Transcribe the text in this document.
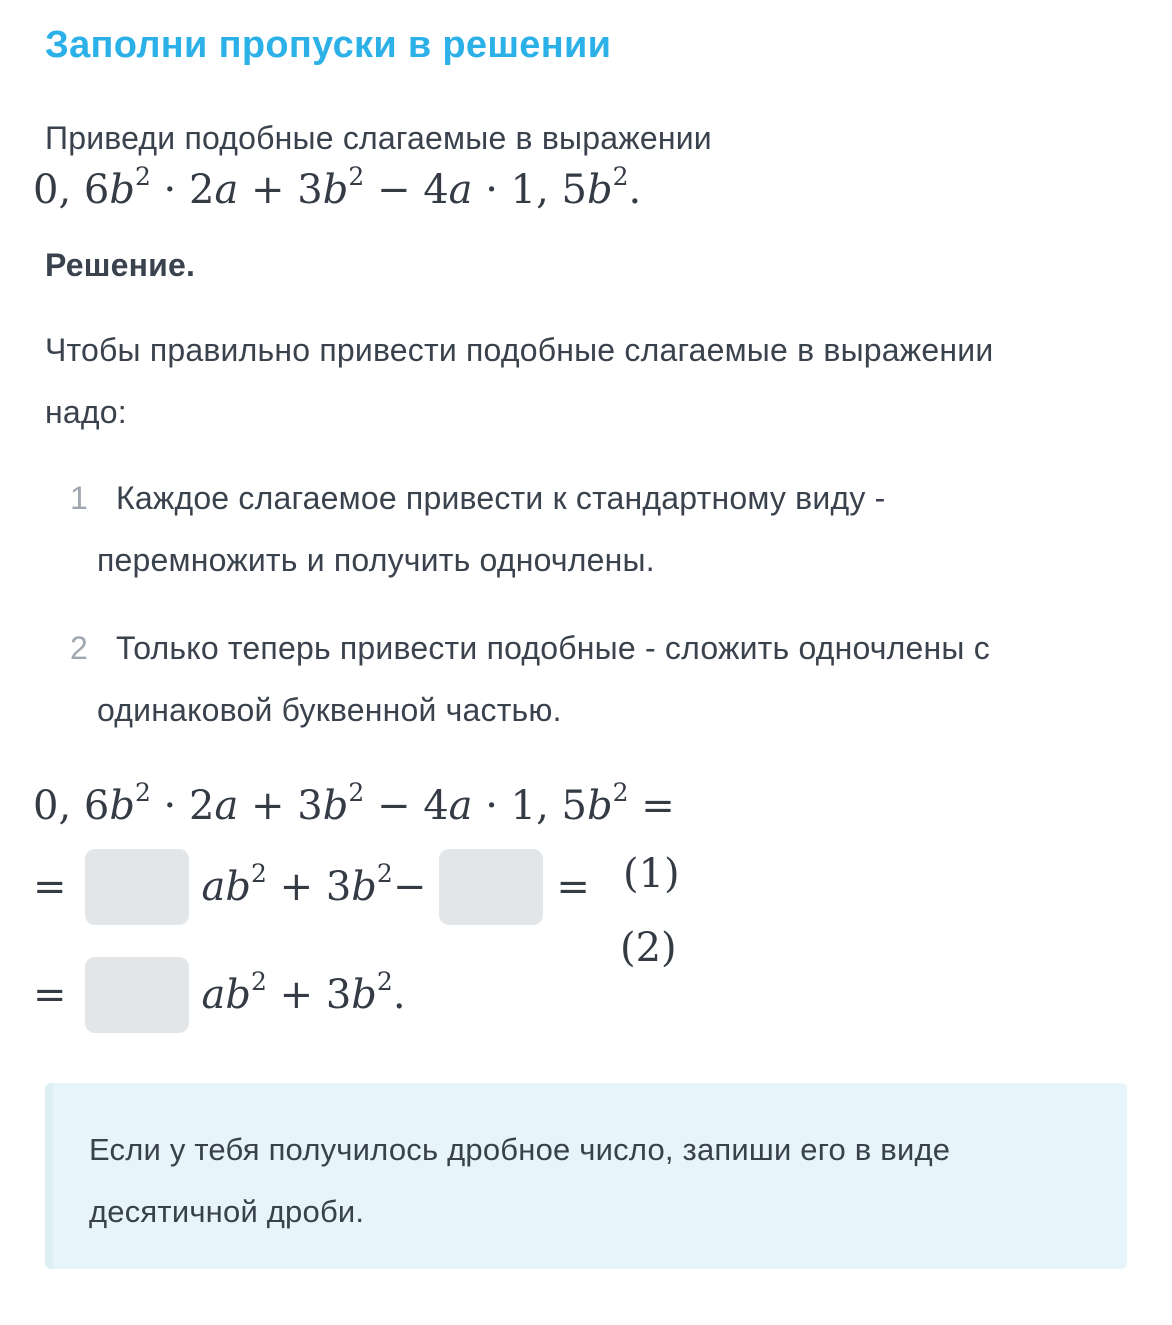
Заполни пропуски в решении

Приведи подобные слагаемые в выражении

0, $6b^2 \cdot 2a + 3b^2 - 4a \cdot 1$, $5b^2$.

Решение.

Чтобы правильно привести подобные слагаемые в выражении
надо:
1 Каждое слагаемое привести к стандартному виду -
перемножить и получить одночлены.
2 Только теперь привести подобные - сложить одночлены с
одинаковой буквенной частью.
0, $6b^2 \cdot 2a + 3b^2 - 4a \cdot 1$, $5b^2$ =
=	$ab^2 + 3b^2-$	= (1)
(2)
=	$ab^2 + 3b^2$.
Если у тебя получилось дробное число, запиши его в виде
десятичной дроби.
